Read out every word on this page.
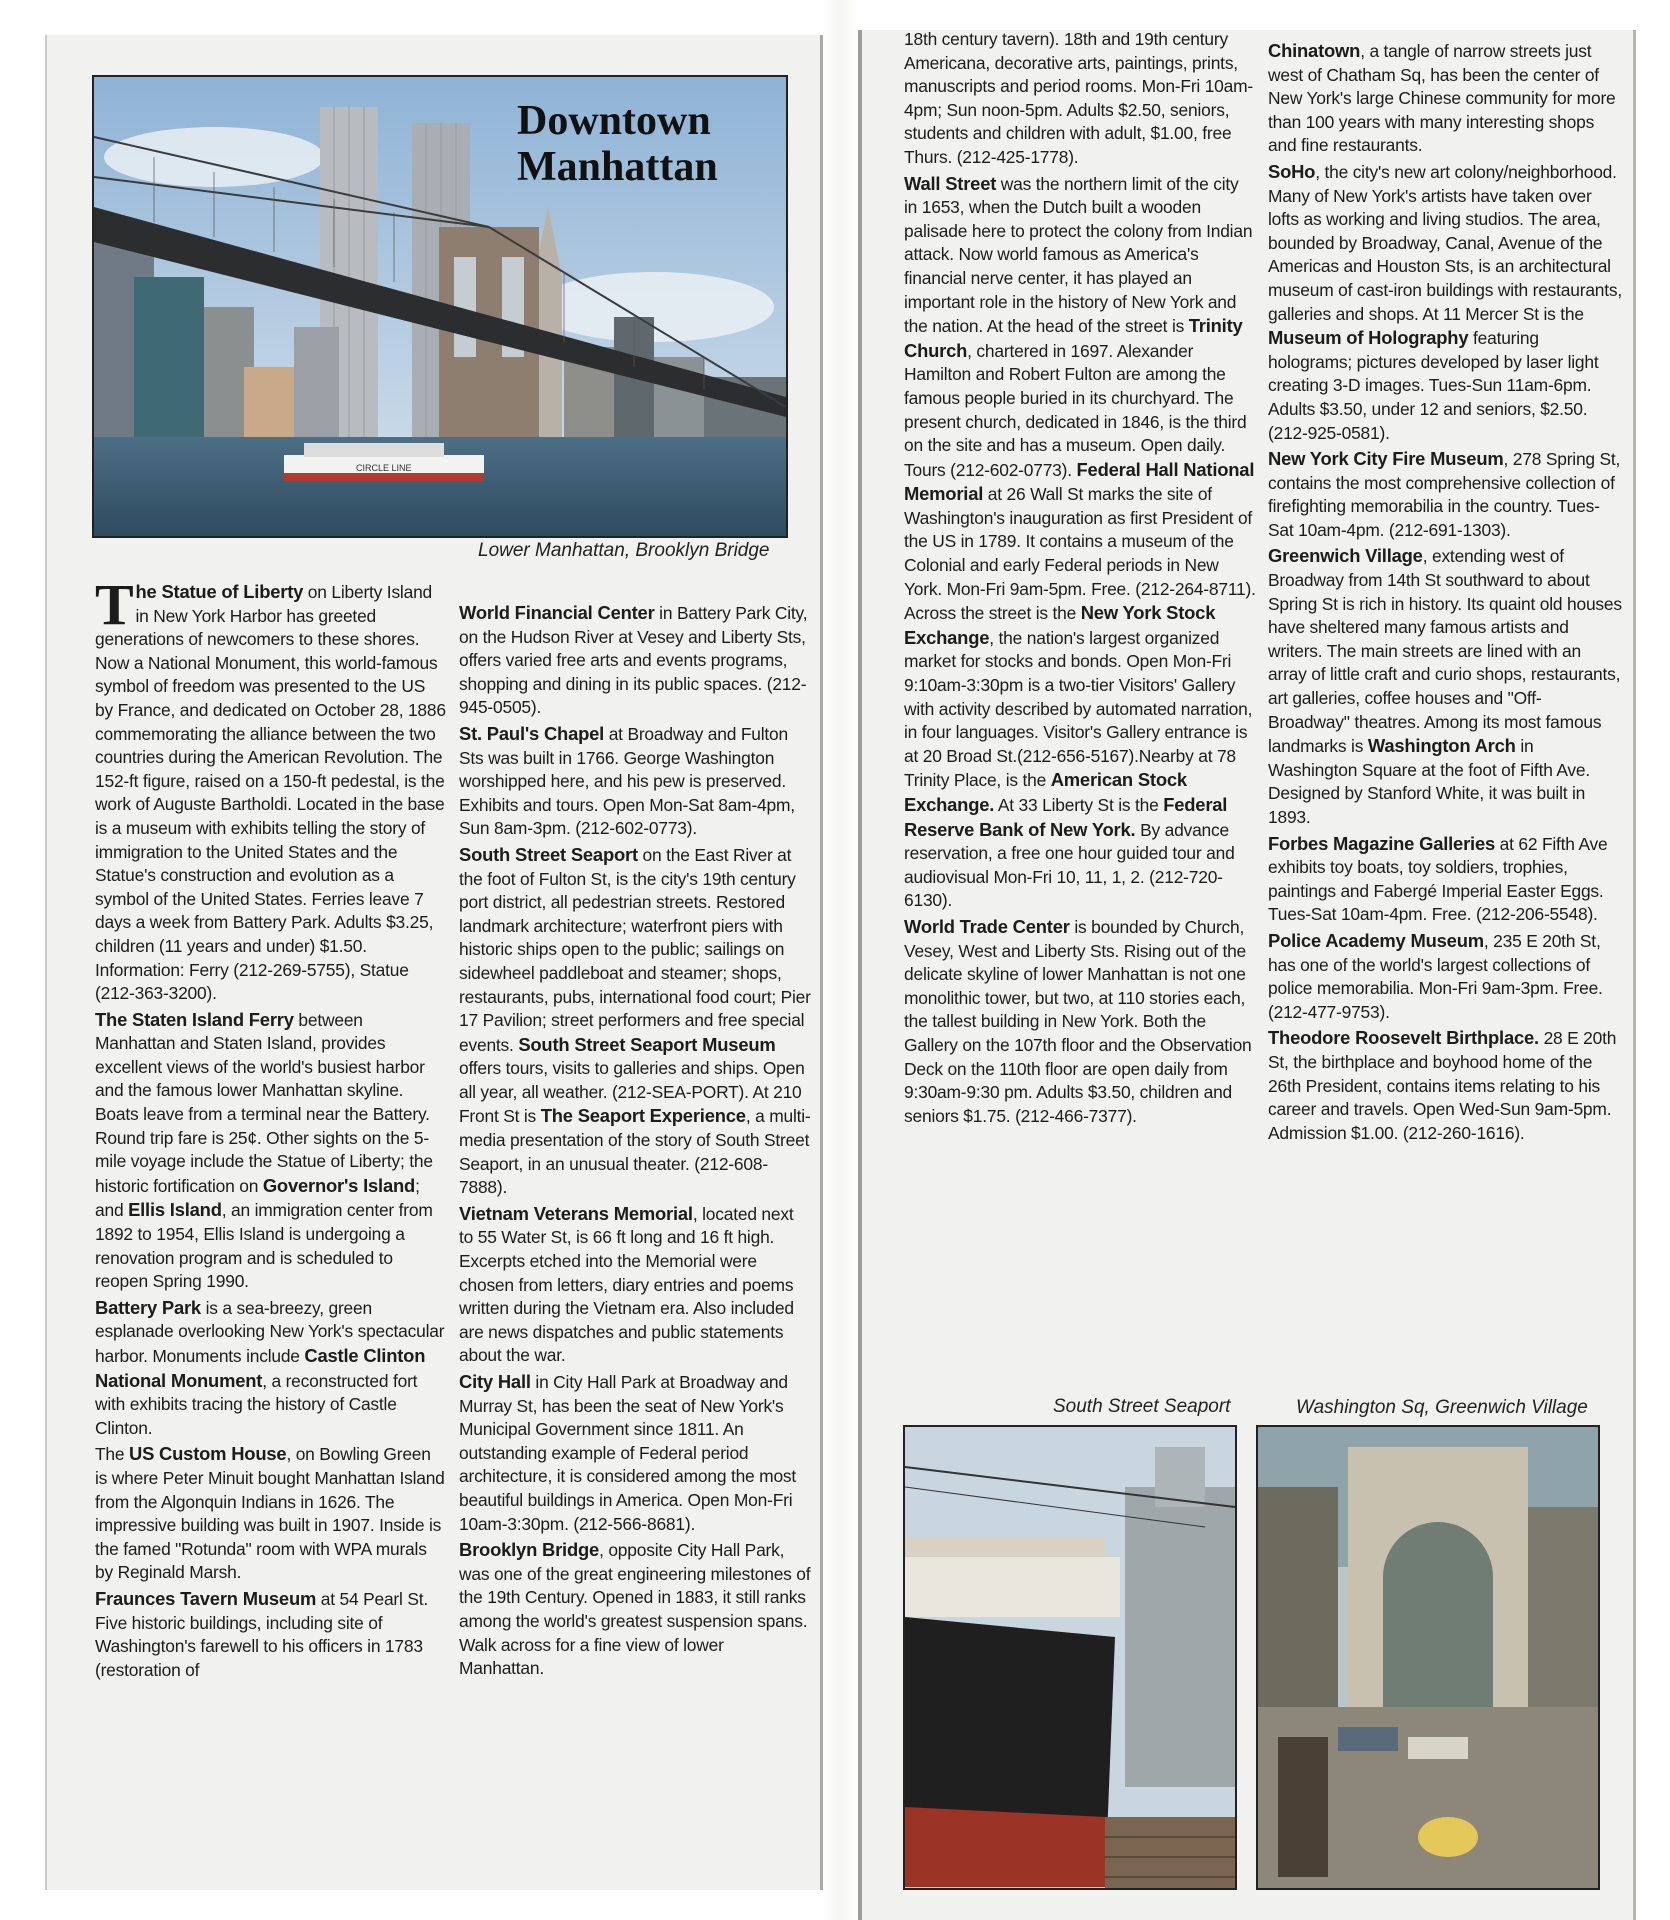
CIRCLE LINE
Downtown
Manhattan
Lower Manhattan, Brooklyn Bridge

The Statue of Liberty on Liberty Island in New York Harbor has greeted generations of newcomers to these shores. Now a National Monument, this world-famous symbol of freedom was presented to the US by France, and dedicated on October 28, 1886 commemorating the alliance between the two countries during the American Revolution. The 152-ft figure, raised on a 150-ft pedestal, is the work of Auguste Bartholdi. Located in the base is a museum with exhibits telling the story of immigration to the United States and the Statue's construction and evolution as a symbol of the United States. Ferries leave 7 days a week from Battery Park. Adults $3.25, children (11 years and under) $1.50. Information: Ferry (212-269-5755), Statue (212-363-3200).

The Staten Island Ferry between Manhattan and Staten Island, provides excellent views of the world's busiest harbor and the famous lower Manhattan skyline. Boats leave from a terminal near the Battery. Round trip fare is 25¢. Other sights on the 5-mile voyage include the Statue of Liberty; the historic fortification on Governor's Island; and Ellis Island, an immigration center from 1892 to 1954, Ellis Island is undergoing a renovation program and is scheduled to reopen Spring 1990.

Battery Park is a sea-breezy, green esplanade overlooking New York's spectacular harbor. Monuments include Castle Clinton National Monument, a reconstructed fort with exhibits tracing the history of Castle Clinton.

The US Custom House, on Bowling Green is where Peter Minuit bought Manhattan Island from the Algonquin Indians in 1626. The impressive building was built in 1907. Inside is the famed "Rotunda" room with WPA murals by Reginald Marsh.

Fraunces Tavern Museum at 54 Pearl St. Five historic buildings, including site of Washington's farewell to his officers in 1783 (restoration of

World Financial Center in Battery Park City, on the Hudson River at Vesey and Liberty Sts, offers varied free arts and events programs, shopping and dining in its public spaces. (212-945-0505).

St. Paul's Chapel at Broadway and Fulton Sts was built in 1766. George Washington worshipped here, and his pew is preserved. Exhibits and tours. Open Mon-Sat 8am-4pm, Sun 8am-3pm. (212-602-0773).

South Street Seaport on the East River at the foot of Fulton St, is the city's 19th century port district, all pedestrian streets. Restored landmark architecture; waterfront piers with historic ships open to the public; sailings on sidewheel paddleboat and steamer; shops, restaurants, pubs, international food court; Pier 17 Pavilion; street performers and free special events. South Street Seaport Museum offers tours, visits to galleries and ships. Open all year, all weather. (212-SEA-PORT). At 210 Front St is The Seaport Experience, a multi-media presentation of the story of South Street Seaport, in an unusual theater. (212-608-7888).

Vietnam Veterans Memorial, located next to 55 Water St, is 66 ft long and 16 ft high. Excerpts etched into the Memorial were chosen from letters, diary entries and poems written during the Vietnam era. Also included are news dispatches and public statements about the war.

City Hall in City Hall Park at Broadway and Murray St, has been the seat of New York's Municipal Government since 1811. An outstanding example of Federal period architecture, it is considered among the most beautiful buildings in America. Open Mon-Fri 10am-3:30pm. (212-566-8681).

Brooklyn Bridge, opposite City Hall Park, was one of the great engineering milestones of the 19th Century. Opened in 1883, it still ranks among the world's greatest suspension spans. Walk across for a fine view of lower Manhattan.

18th century tavern). 18th and 19th century Americana, decorative arts, paintings, prints, manuscripts and period rooms. Mon-Fri 10am-4pm; Sun noon-5pm. Adults $2.50, seniors, students and children with adult, $1.00, free Thurs. (212-425-1778).

Wall Street was the northern limit of the city in 1653, when the Dutch built a wooden palisade here to protect the colony from Indian attack. Now world famous as America's financial nerve center, it has played an important role in the history of New York and the nation. At the head of the street is Trinity Church, chartered in 1697. Alexander Hamilton and Robert Fulton are among the famous people buried in its churchyard. The present church, dedicated in 1846, is the third on the site and has a museum. Open daily. Tours (212-602-0773). Federal Hall National Memorial at 26 Wall St marks the site of Washington's inauguration as first President of the US in 1789. It contains a museum of the Colonial and early Federal periods in New York. Mon-Fri 9am-5pm. Free. (212-264-8711). Across the street is the New York Stock Exchange, the nation's largest organized market for stocks and bonds. Open Mon-Fri 9:10am-3:30pm is a two-tier Visitors' Gallery with activity described by automated narration, in four languages. Visitor's Gallery entrance is at 20 Broad St.(212-656-5167).Nearby at 78 Trinity Place, is the American Stock Exchange. At 33 Liberty St is the Federal Reserve Bank of New York. By advance reservation, a free one hour guided tour and audiovisual Mon-Fri 10, 11, 1, 2. (212-720-6130).

World Trade Center is bounded by Church, Vesey, West and Liberty Sts. Rising out of the delicate skyline of lower Manhattan is not one monolithic tower, but two, at 110 stories each, the tallest building in New York. Both the Gallery on the 107th floor and the Observation Deck on the 110th floor are open daily from 9:30am-9:30 pm. Adults $3.50, children and seniors $1.75. (212-466-7377).

Chinatown, a tangle of narrow streets just west of Chatham Sq, has been the center of New York's large Chinese community for more than 100 years with many interesting shops and fine restaurants.

SoHo, the city's new art colony/neighborhood. Many of New York's artists have taken over lofts as working and living studios. The area, bounded by Broadway, Canal, Avenue of the Americas and Houston Sts, is an architectural museum of cast-iron buildings with restaurants, galleries and shops. At 11 Mercer St is the Museum of Holography featuring holograms; pictures developed by laser light creating 3-D images. Tues-Sun 11am-6pm. Adults $3.50, under 12 and seniors, $2.50. (212-925-0581).

New York City Fire Museum, 278 Spring St, contains the most comprehensive collection of firefighting memorabilia in the country. Tues-Sat 10am-4pm. (212-691-1303).

Greenwich Village, extending west of Broadway from 14th St southward to about Spring St is rich in history. Its quaint old houses have sheltered many famous artists and writers. The main streets are lined with an array of little craft and curio shops, restaurants, art galleries, coffee houses and "Off-Broadway" theatres. Among its most famous landmarks is Washington Arch in Washington Square at the foot of Fifth Ave. Designed by Stanford White, it was built in 1893.

Forbes Magazine Galleries at 62 Fifth Ave exhibits toy boats, toy soldiers, trophies, paintings and Fabergé Imperial Easter Eggs. Tues-Sat 10am-4pm. Free. (212-206-5548).

Police Academy Museum, 235 E 20th St, has one of the world's largest collections of police memorabilia. Mon-Fri 9am-3pm. Free. (212-477-9753).

Theodore Roosevelt Birthplace. 28 E 20th St, the birthplace and boyhood home of the 26th President, contains items relating to his career and travels. Open Wed-Sun 9am-5pm. Admission $1.00. (212-260-1616).

South Street Seaport	Washington Sq, Greenwich Village
